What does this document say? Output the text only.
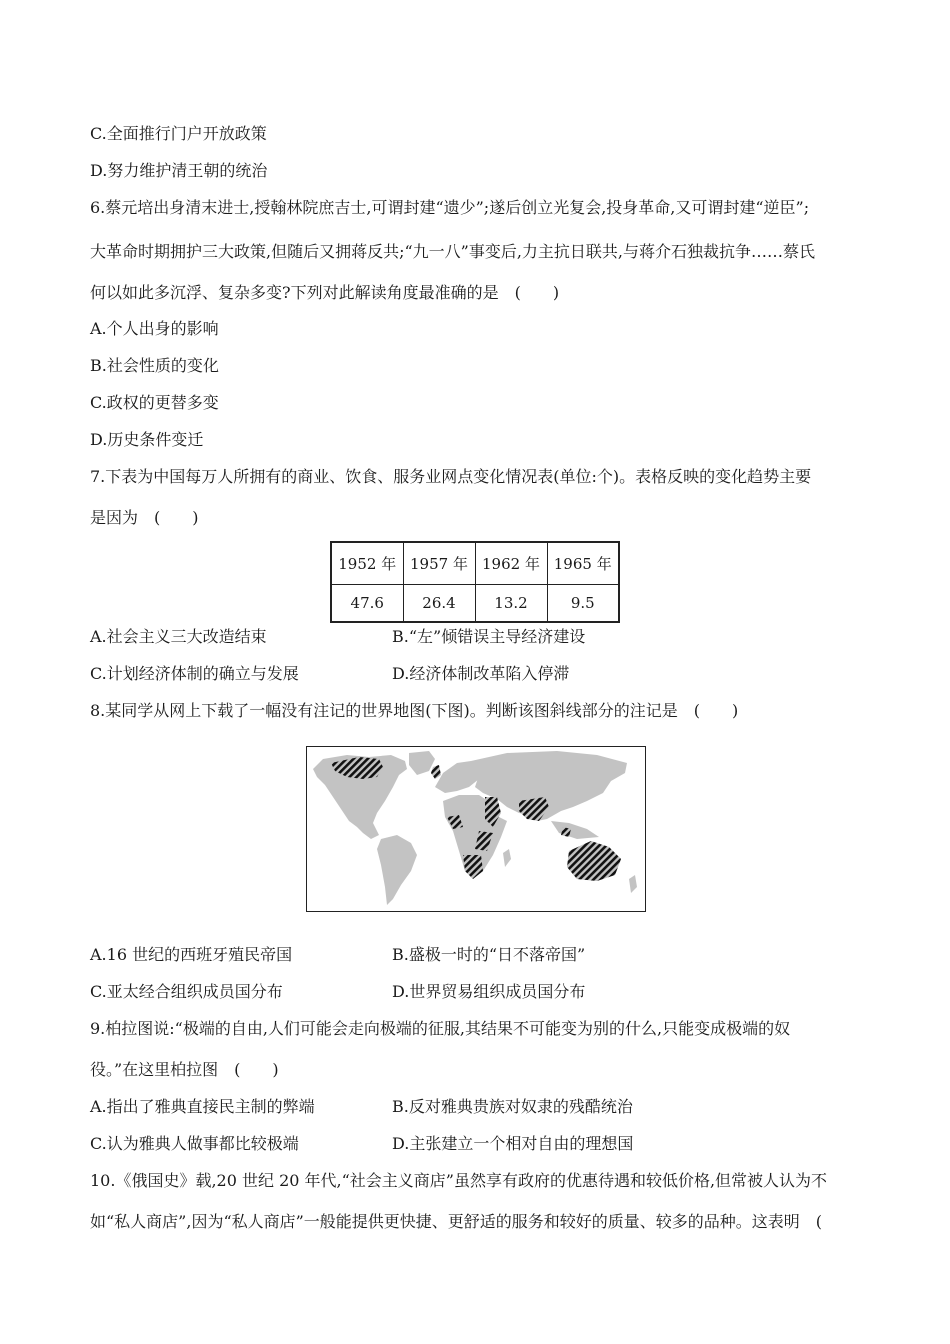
C.全面推行门户开放政策
D.努力维护清王朝的统治
6.蔡元培出身清末进士,授翰林院庶吉士,可谓封建“遗少”;遂后创立光复会,投身革命,又可谓封建“逆臣”;
大革命时期拥护三大政策,但随后又拥蒋反共;“九一八”事变后,力主抗日联共,与蒋介石独裁抗争……蔡氏
何以如此多沉浮、复杂多变?下列对此解读角度最准确的是　(　　)
A.个人出身的影响
B.社会性质的变化
C.政权的更替多变
D.历史条件变迁
7.下表为中国每万人所拥有的商业、饮食、服务业网点变化情况表(单位:个)。表格反映的变化趋势主要
是因为　(　　)
1952 年	1957 年	1962 年	1965 年
47.6	26.4	13.2	9.5
A.社会主义三大改造结束	B.“左”倾错误主导经济建设
C.计划经济体制的确立与发展	D.经济体制改革陷入停滞
8.某同学从网上下载了一幅没有注记的世界地图(下图)。判断该图斜线部分的注记是　(　　)
A.16 世纪的西班牙殖民帝国	B.盛极一时的“日不落帝国”
C.亚太经合组织成员国分布	D.世界贸易组织成员国分布
9.柏拉图说:“极端的自由,人们可能会走向极端的征服,其结果不可能变为别的什么,只能变成极端的奴
役。”在这里柏拉图　(　　)
A.指出了雅典直接民主制的弊端	B.反对雅典贵族对奴隶的残酷统治
C.认为雅典人做事都比较极端	D.主张建立一个相对自由的理想国
10.《俄国史》载,20 世纪 20 年代,“社会主义商店”虽然享有政府的优惠待遇和较低价格,但常被人认为不
如“私人商店”,因为“私人商店”一般能提供更快捷、更舒适的服务和较好的质量、较多的品种。这表明　(
